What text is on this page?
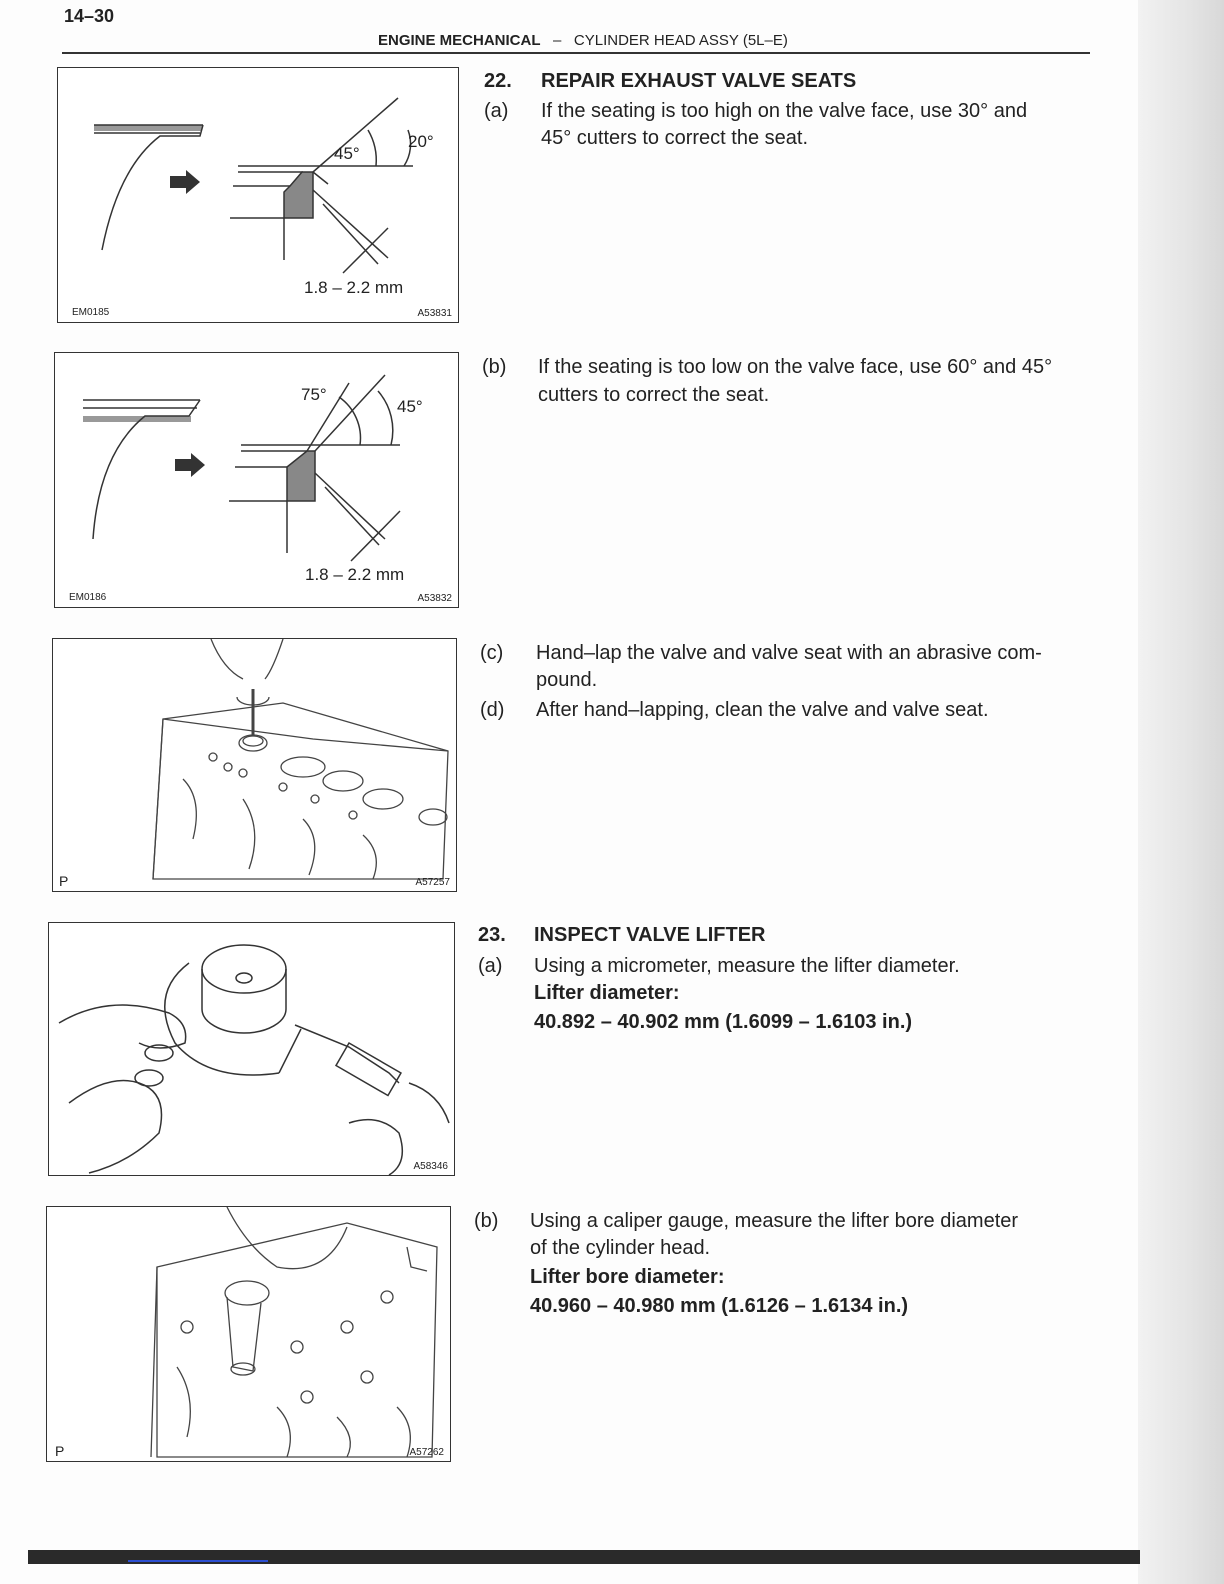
14–30
ENGINE MECHANICAL – CYLINDER HEAD ASSY (5L–E)
45°
20°
1.8 – 2.2 mm
EM0185	A53831
75°
45°
1.8 – 2.2 mm
EM0186	A53832
P	A57257
A58346
P	A57262
22. REPAIR EXHAUST VALVE SEATS
(a) If the seating is too high on the valve face, use 30° and
45° cutters to correct the seat.
(b) If the seating is too low on the valve face, use 60° and 45°
cutters to correct the seat.
(c) Hand–lap the valve and valve seat with an abrasive com-
pound.
(d) After hand–lapping, clean the valve and valve seat.
23. INSPECT VALVE LIFTER
(a) Using a micrometer, measure the lifter diameter.
Lifter diameter:
40.892 – 40.902 mm (1.6099 – 1.6103 in.)
(b) Using a caliper gauge, measure the lifter bore diameter
of the cylinder head.
Lifter bore diameter:
40.960 – 40.980 mm (1.6126 – 1.6134 in.)
